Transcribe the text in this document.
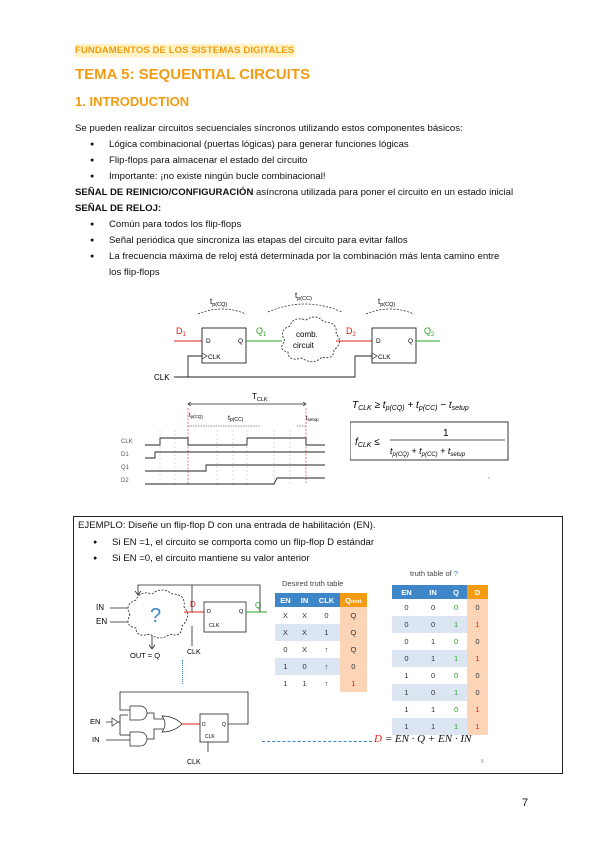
FUNDAMENTOS DE LOS SISTEMAS DIGITALES
TEMA 5: SEQUENTIAL CIRCUITS
1. INTRODUCTION
Se pueden realizar circuitos secuenciales síncronos utilizando estos componentes básicos:
● Lógica combinacional (puertas lógicas) para generar funciones lógicas
● Flip-flops para almacenar el estado del circuito
● Importante: ¡no existe ningún bucle combinacional!
SEÑAL DE REINICIO/CONFIGURACIÓN asíncrona utilizada para poner el circuito en un estado inicial
SEÑAL DE RELOJ:
● Común para todos los flip-flops
● Señal periódica que sincroniza las etapas del circuito para evitar fallos
● La frecuencia máxima de reloj está determinada por la combinación más lenta camino entre
los flip-flops
$t_{p(CQ)}$
$t_{p(CC)}$	$t_{p(CQ)}$
$D_1$
D	Q
CLK
$Q_1$	comb.
circuit
$D_2$
D	Q
CLK
$Q_2$
CLK
$T_{CLK}$
tp(CQ)	tp(CC)	tsetup
CLK
D1
Q1
D2
$T_{CLK} \ge t_{p(CQ)} + t_{p(CC)} - t_{setup}$
$f_{CLK}$ ≤
1
$t_{p(CQ)} + t_{p(CC)} + t_{setup}$
,
EJEMPLO: Diseñe un flip-flop D con una entrada de habilitación (EN).
● Si EN =1, el circuito se comporta como un flip-flop D estándar
● Si EN =0, el circuito mantiene su valor anterior
IN
EN ?
D
D	Q
CLK
Q
CLK
OUT = Q
EN
IN
D	Q
CLK
CLK
Desired truth table
EN	IN	CLK	Qnext
X	X	0	Q
X	X	1	Q
0	X	↑	Q
1	0	↑	0
1	1	↑	1
truth table of ?
EN	IN	Q	D
0	0	0	0
0	0	1	1
0	1	0	0
0	1	1	1
1	0	0	0
1	0	1	0
1	1	0	1
1	1	1	1
D = EN · Q + EN · IN
8
7
